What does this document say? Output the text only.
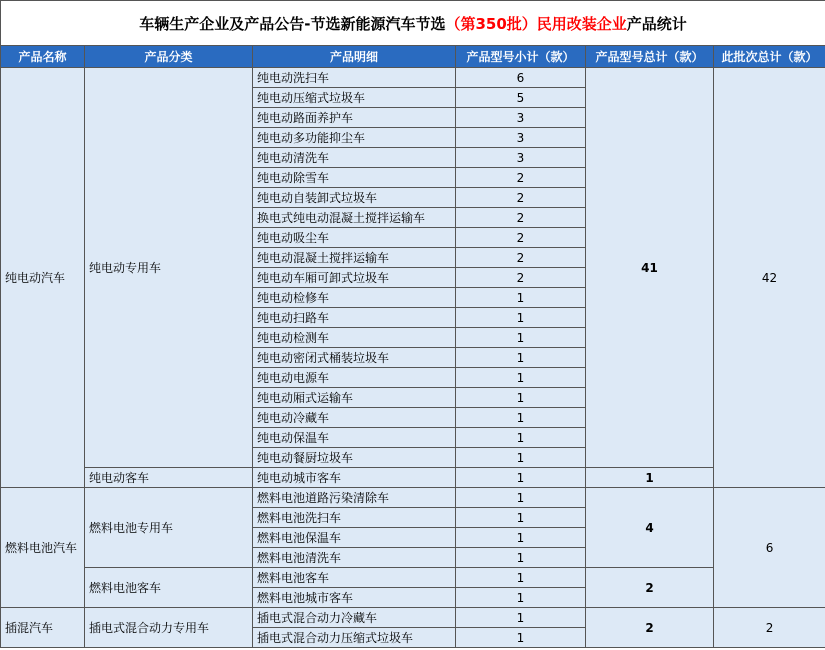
车辆生产企业及产品公告-节选新能源汽车节选（第350批）民用改装企业产品统计					
产品名称	产品分类	产品明细	产品型号小计（款）	产品型号总计（款）	此批次总计（款）
纯电动汽车	纯电动专用车	纯电动洗扫车	6	41	42
		纯电动压缩式垃圾车	5		
		纯电动路面养护车	3		
		纯电动多功能抑尘车	3		
		纯电动清洗车	3		
		纯电动除雪车	2		
		纯电动自装卸式垃圾车	2		
		换电式纯电动混凝土搅拌运输车	2		
		纯电动吸尘车	2		
		纯电动混凝土搅拌运输车	2		
		纯电动车厢可卸式垃圾车	2		
		纯电动检修车	1		
		纯电动扫路车	1		
		纯电动检测车	1		
		纯电动密闭式桶装垃圾车	1		
		纯电动电源车	1		
		纯电动厢式运输车	1		
		纯电动冷藏车	1		
		纯电动保温车	1		
		纯电动餐厨垃圾车	1		
	纯电动客车	纯电动城市客车	1	1	
燃料电池汽车	燃料电池专用车	燃料电池道路污染清除车	1	4	6
		燃料电池洗扫车	1		
		燃料电池保温车	1		
		燃料电池清洗车	1		
	燃料电池客车	燃料电池客车	1	2	
		燃料电池城市客车	1		
插混汽车	插电式混合动力专用车	插电式混合动力冷藏车	1	2	2
		插电式混合动力压缩式垃圾车	1		
